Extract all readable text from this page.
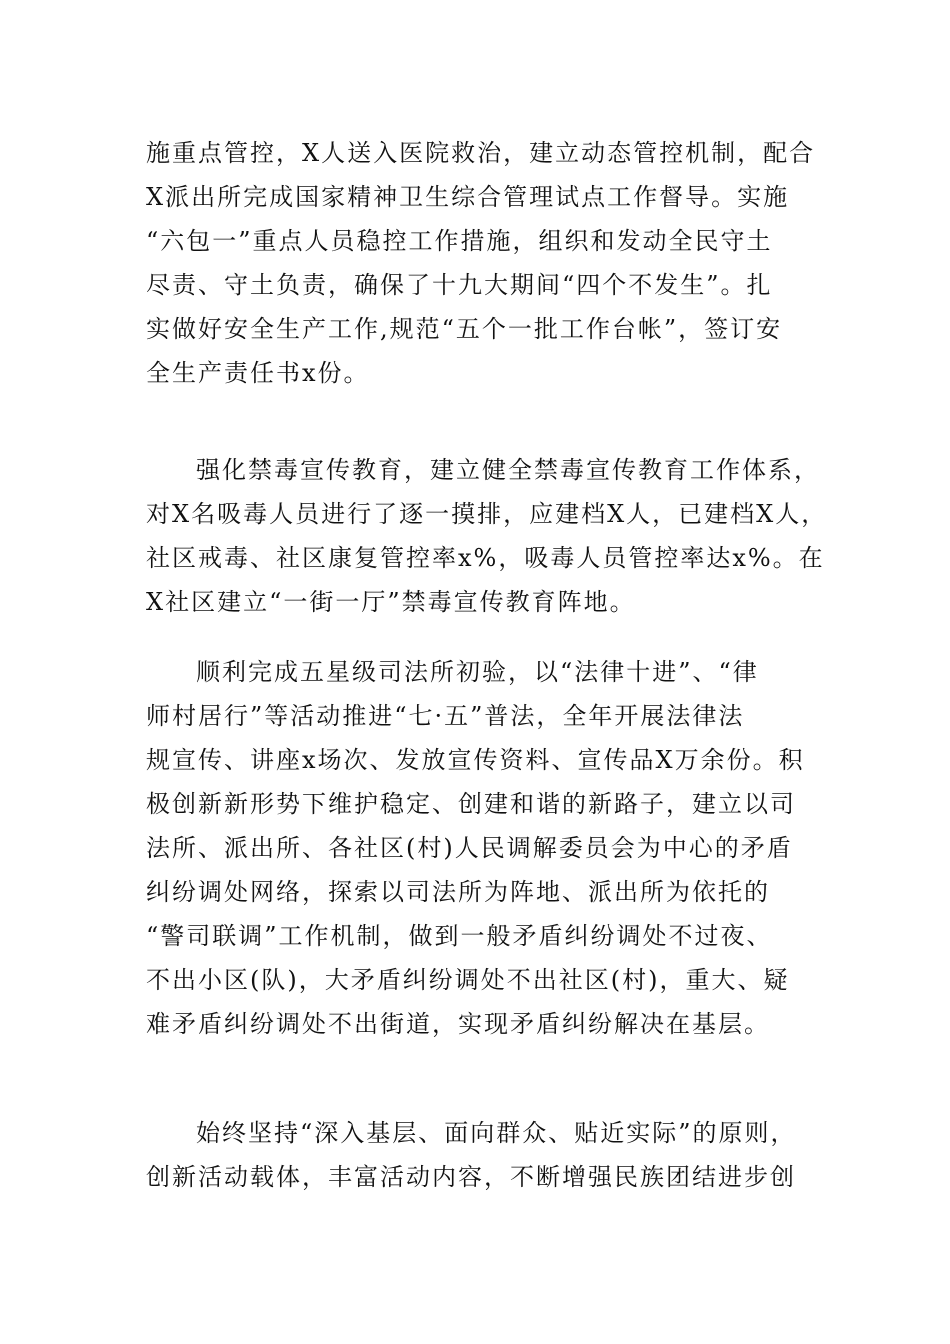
施重点管控，X人送入医院救治，建立动态管控机制，配合
X派出所完成国家精神卫生综合管理试点工作督导。实施
“六包一”重点人员稳控工作措施，组织和发动全民守土
尽责、守土负责，确保了十九大期间“四个不发生”。扎
实做好安全生产工作,规范“五个一批工作台帐”，签订安
全生产责任书x份。
强化禁毒宣传教育，建立健全禁毒宣传教育工作体系，
对X名吸毒人员进行了逐一摸排，应建档X人，已建档X人，
社区戒毒、社区康复管控率x%，吸毒人员管控率达x%。在
X社区建立“一街一厅”禁毒宣传教育阵地。
顺利完成五星级司法所初验，以“法律十进”、“律
师村居行”等活动推进“七·五”普法，全年开展法律法
规宣传、讲座x场次、发放宣传资料、宣传品X万余份。积
极创新新形势下维护稳定、创建和谐的新路子，建立以司
法所、派出所、各社区(村)人民调解委员会为中心的矛盾
纠纷调处网络，探索以司法所为阵地、派出所为依托的
“警司联调”工作机制，做到一般矛盾纠纷调处不过夜、
不出小区(队)，大矛盾纠纷调处不出社区(村)，重大、疑
难矛盾纠纷调处不出街道，实现矛盾纠纷解决在基层。
始终坚持“深入基层、面向群众、贴近实际”的原则，
创新活动载体，丰富活动内容，不断增强民族团结进步创
